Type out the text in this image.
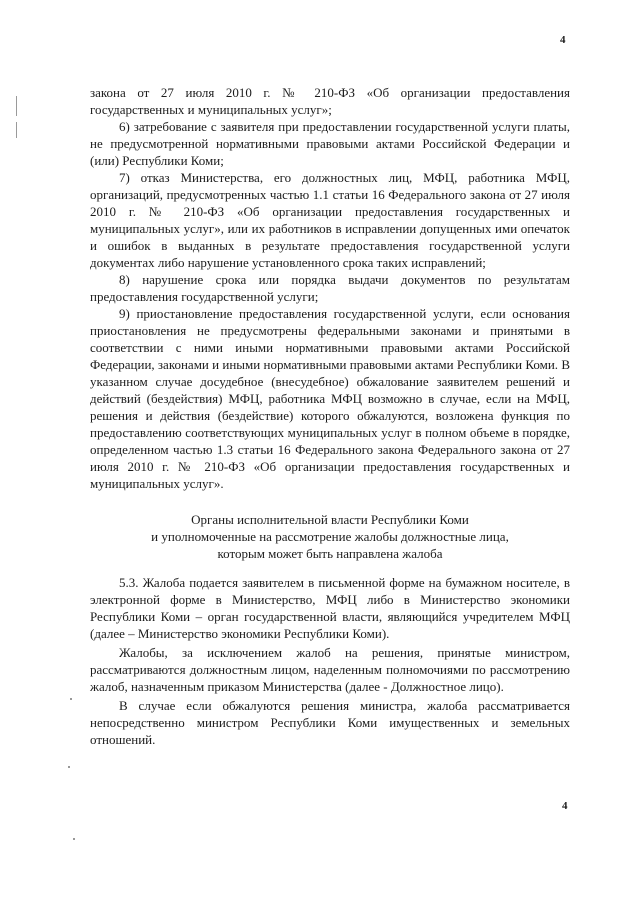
4

закона от 27 июля 2010 г. № 210-ФЗ «Об организации предоставления государственных и муниципальных услуг»;

6) затребование с заявителя при предоставлении государственной услуги платы, не предусмотренной нормативными правовыми актами Российской Федерации и (или) Республики Коми;

7) отказ Министерства, его должностных лиц, МФЦ, работника МФЦ, организаций, предусмотренных частью 1.1 статьи 16 Федерального закона от 27 июля 2010 г. № 210-ФЗ «Об организации предоставления государственных и муниципальных услуг», или их работников в исправлении допущенных ими опечаток и ошибок в выданных в результате предоставления государственной услуги документах либо нарушение установленного срока таких исправлений;

8) нарушение срока или порядка выдачи документов по результатам предоставления государственной услуги;

9) приостановление предоставления государственной услуги, если основания приостановления не предусмотрены федеральными законами и принятыми в соответствии с ними иными нормативными правовыми актами Российской Федерации, законами и иными нормативными правовыми актами Республики Коми. В указанном случае досудебное (внесудебное) обжалование заявителем решений и действий (бездействия) МФЦ, работника МФЦ возможно в случае, если на МФЦ, решения и действия (бездействие) которого обжалуются, возложена функция по предоставлению соответствующих муниципальных услуг в полном объеме в порядке, определенном частью 1.3 статьи 16 Федерального закона Федерального закона от 27 июля 2010 г. № 210-ФЗ «Об организации предоставления государственных и муниципальных услуг».

Органы исполнительной власти Республики Коми
и уполномоченные на рассмотрение жалобы должностные лица,
которым может быть направлена жалоба

5.3. Жалоба подается заявителем в письменной форме на бумажном носителе, в электронной форме в Министерство, МФЦ либо в Министерство экономики Республики Коми – орган государственной власти, являющийся учредителем МФЦ (далее – Министерство экономики Республики Коми).

Жалобы, за исключением жалоб на решения, принятые министром, рассматриваются должностным лицом, наделенным полномочиями по рассмотрению жалоб, назначенным приказом Министерства (далее - Должностное лицо).

В случае если обжалуются решения министра, жалоба рассматривается непосредственно министром Республики Коми имущественных и земельных отношений.

4
